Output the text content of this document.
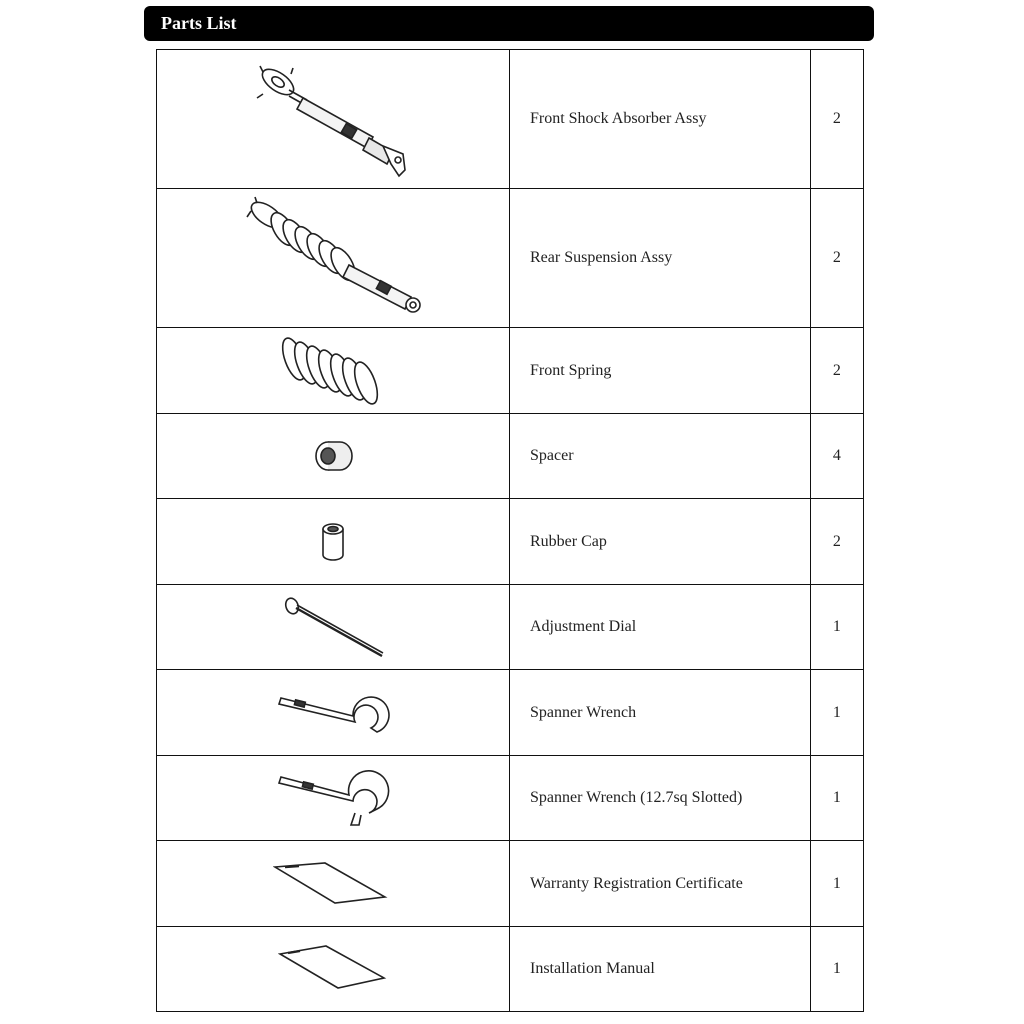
Parts List
	Front Shock Absorber Assy	2

	Rear Suspension Assy	2

	Front Spring	2

	Spacer	4

	Rubber Cap	2

	Adjustment Dial	1

	Spanner Wrench	1

	Spanner Wrench (12.7sq Slotted)	1

	Warranty Registration Certificate	1

	Installation Manual	1
